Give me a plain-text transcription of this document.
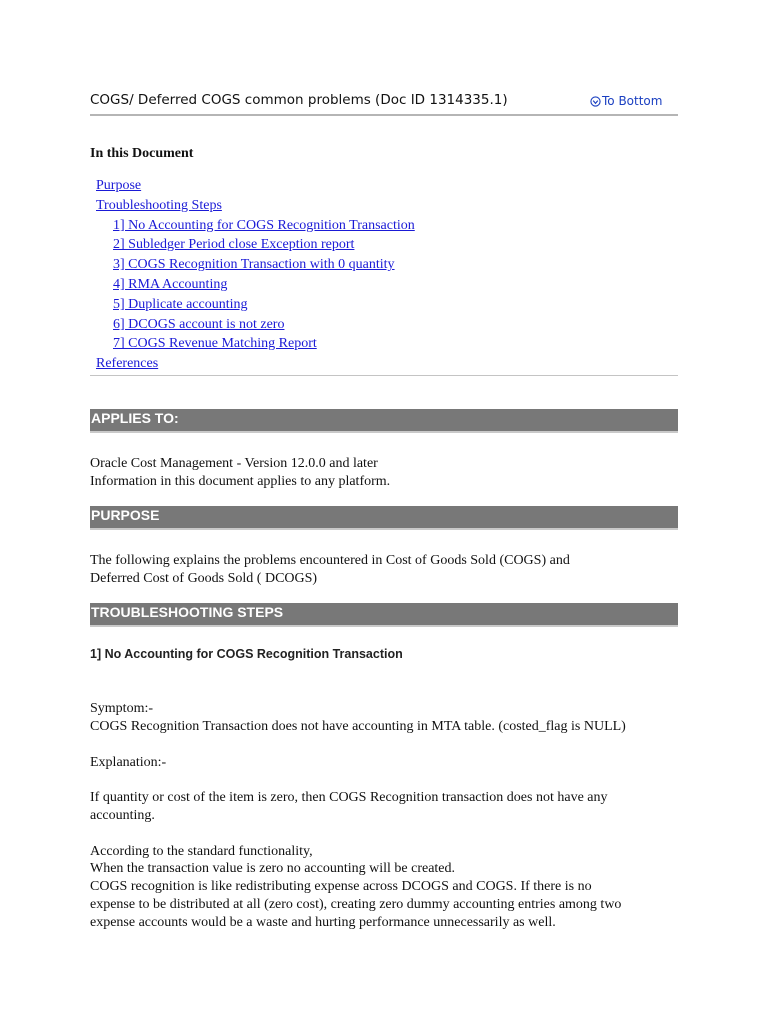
COGS/ Deferred COGS common problems (Doc ID 1314335.1)	To Bottom
In this Document
Purpose
Troubleshooting Steps
1] No Accounting for COGS Recognition Transaction
2] Subledger Period close Exception report
3] COGS Recognition Transaction with 0 quantity
4] RMA Accounting
5] Duplicate accounting
6] DCOGS account is not zero
7] COGS Revenue Matching Report
References
APPLIES TO:
Oracle Cost Management - Version 12.0.0 and later
Information in this document applies to any platform.
PURPOSE
The following explains the problems encountered in Cost of Goods Sold (COGS) and
Deferred Cost of Goods Sold ( DCOGS)
TROUBLESHOOTING STEPS
1] No Accounting for COGS Recognition Transaction
Symptom:-
COGS Recognition Transaction does not have accounting in MTA table. (costed_flag is NULL)
Explanation:-
If quantity or cost of the item is zero, then COGS Recognition transaction does not have any
accounting.
According to the standard functionality,
When the transaction value is zero no accounting will be created.
COGS recognition is like redistributing expense across DCOGS and COGS. If there is no
expense to be distributed at all (zero cost), creating zero dummy accounting entries among two
expense accounts would be a waste and hurting performance unnecessarily as well.
